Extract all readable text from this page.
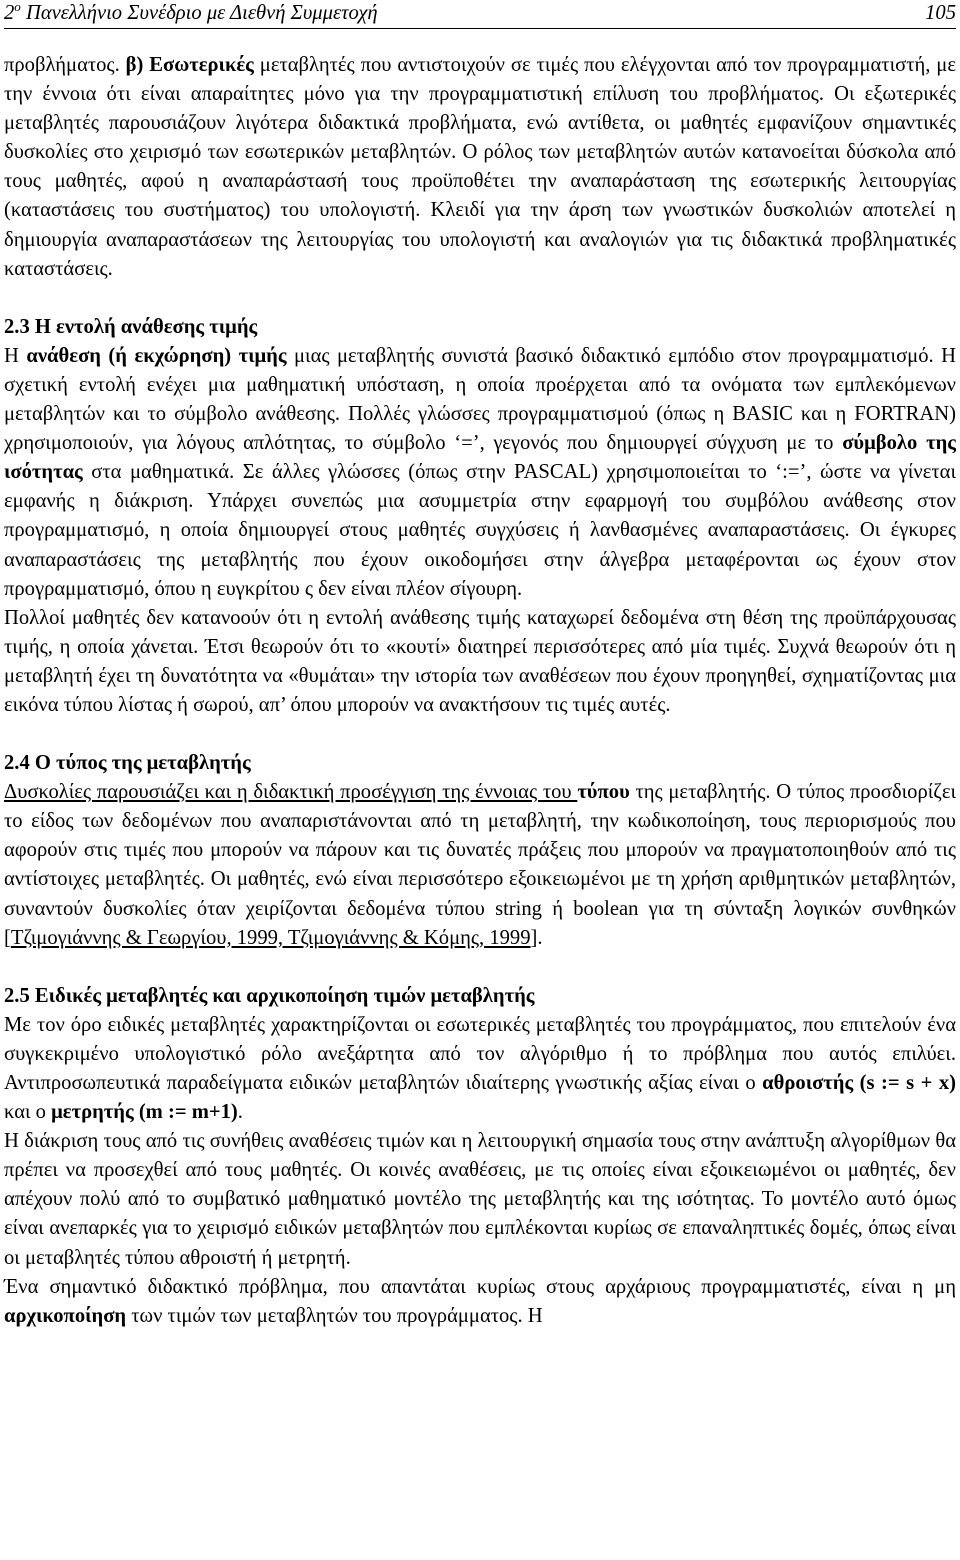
$2^o$ Πανελλήνιο Συνέδριο με Διεθνή Συμμετοχή	105

προβλήματος. β) Εσωτερικές μεταβλητές που αντιστοιχούν σε τιμές που ελέγχονται από τον προγραμματιστή, με την έννοια ότι είναι απαραίτητες μόνο για την προγραμματιστική επίλυση του προβλήματος. Οι εξωτερικές μεταβλητές παρουσιάζουν λιγότερα διδακτικά προβλήματα, ενώ αντίθετα, οι μαθητές εμφανίζουν σημαντικές δυσκολίες στο χειρισμό των εσωτερικών μεταβλητών. Ο ρόλος των μεταβλητών αυτών κατανοείται δύσκολα από τους μαθητές, αφού η αναπαράστασή τους προϋποθέτει την αναπαράσταση της εσωτερικής λειτουργίας (καταστάσεις του συστήματος) του υπολογιστή. Κλειδί για την άρση των γνωστικών δυσκολιών αποτελεί η δημιουργία αναπαραστάσεων της λειτουργίας του υπολογιστή και αναλογιών για τις διδακτικά προβληματικές καταστάσεις.

2.3 Η εντολή ανάθεσης τιμής

Η ανάθεση (ή εκχώρηση) τιμής μιας μεταβλητής συνιστά βασικό διδακτικό εμπόδιο στον προγραμματισμό. Η σχετική εντολή ενέχει μια μαθηματική υπόσταση, η οποία προέρχεται από τα ονόματα των εμπλεκόμενων μεταβλητών και το σύμβολο ανάθεσης. Πολλές γλώσσες προγραμματισμού (όπως η BASIC και η FORTRAN) χρησιμοποιούν, για λόγους απλότητας, το σύμβολο ‘=’, γεγονός που δημιουργεί σύγχυση με το σύμβολο της ισότητας στα μαθηματικά. Σε άλλες γλώσσες (όπως στην PASCAL) χρησιμοποιείται το ‘:=’, ώστε να γίνεται εμφανής η διάκριση. Υπάρχει συνεπώς μια ασυμμετρία στην εφαρμογή του συμβόλου ανάθεσης στον προγραμματισμό, η οποία δημιουργεί στους μαθητές συγχύσεις ή λανθασμένες αναπαραστάσεις. Οι έγκυρες αναπαραστάσεις της μεταβλητής που έχουν οικοδομήσει στην άλγεβρα μεταφέρονται ως έχουν στον προγραμματισμό, όπου η ευγκρίτου ς δεν είναι πλέον σίγουρη.

Πολλοί μαθητές δεν κατανοούν ότι η εντολή ανάθεσης τιμής καταχωρεί δεδομένα στη θέση της προϋπάρχουσας τιμής, η οποία χάνεται. Έτσι θεωρούν ότι το «κουτί» διατηρεί περισσότερες από μία τιμές. Συχνά θεωρούν ότι η μεταβλητή έχει τη δυνατότητα να «θυμάται» την ιστορία των αναθέσεων που έχουν προηγηθεί, σχηματίζοντας μια εικόνα τύπου λίστας ή σωρού, απ’ όπου μπορούν να ανακτήσουν τις τιμές αυτές.

2.4 Ο τύπος της μεταβλητής

Δυσκολίες παρουσιάζει και η διδακτική προσέγγιση της έννοιας του τύπου της μεταβλητής. Ο τύπος προσδιορίζει το είδος των δεδομένων που αναπαριστάνονται από τη μεταβλητή, την κωδικοποίηση, τους περιορισμούς που αφορούν στις τιμές που μπορούν να πάρουν και τις δυνατές πράξεις που μπορούν να πραγματοποιηθούν από τις αντίστοιχες μεταβλητές. Οι μαθητές, ενώ είναι περισσότερο εξοικειωμένοι με τη χρήση αριθμητικών μεταβλητών, συναντούν δυσκολίες όταν χειρίζονται δεδομένα τύπου string ή boolean για τη σύνταξη λογικών συνθηκών [Τζιμογιάννης & Γεωργίου, 1999, Τζιμογιάννης & Κόμης, 1999].

2.5 Ειδικές μεταβλητές και αρχικοποίηση τιμών μεταβλητής

Με τον όρο ειδικές μεταβλητές χαρακτηρίζονται οι εσωτερικές μεταβλητές του προγράμματος, που επιτελούν ένα συγκεκριμένο υπολογιστικό ρόλο ανεξάρτητα από τον αλγόριθμο ή το πρόβλημα που αυτός επιλύει. Αντιπροσωπευτικά παραδείγματα ειδικών μεταβλητών ιδιαίτερης γνωστικής αξίας είναι ο αθροιστής (s := s + x) και ο μετρητής (m := m+1).

Η διάκριση τους από τις συνήθεις αναθέσεις τιμών και η λειτουργική σημασία τους στην ανάπτυξη αλγορίθμων θα πρέπει να προσεχθεί από τους μαθητές. Οι κοινές αναθέσεις, με τις οποίες είναι εξοικειωμένοι οι μαθητές, δεν απέχουν πολύ από το συμβατικό μαθηματικό μοντέλο της μεταβλητής και της ισότητας. Το μοντέλο αυτό όμως είναι ανεπαρκές για το χειρισμό ειδικών μεταβλητών που εμπλέκονται κυρίως σε επαναληπτικές δομές, όπως είναι οι μεταβλητές τύπου αθροιστή ή μετρητή.

Ένα σημαντικό διδακτικό πρόβλημα, που απαντάται κυρίως στους αρχάριους προγραμματιστές, είναι η μη αρχικοποίηση των τιμών των μεταβλητών του προγράμματος. Η
